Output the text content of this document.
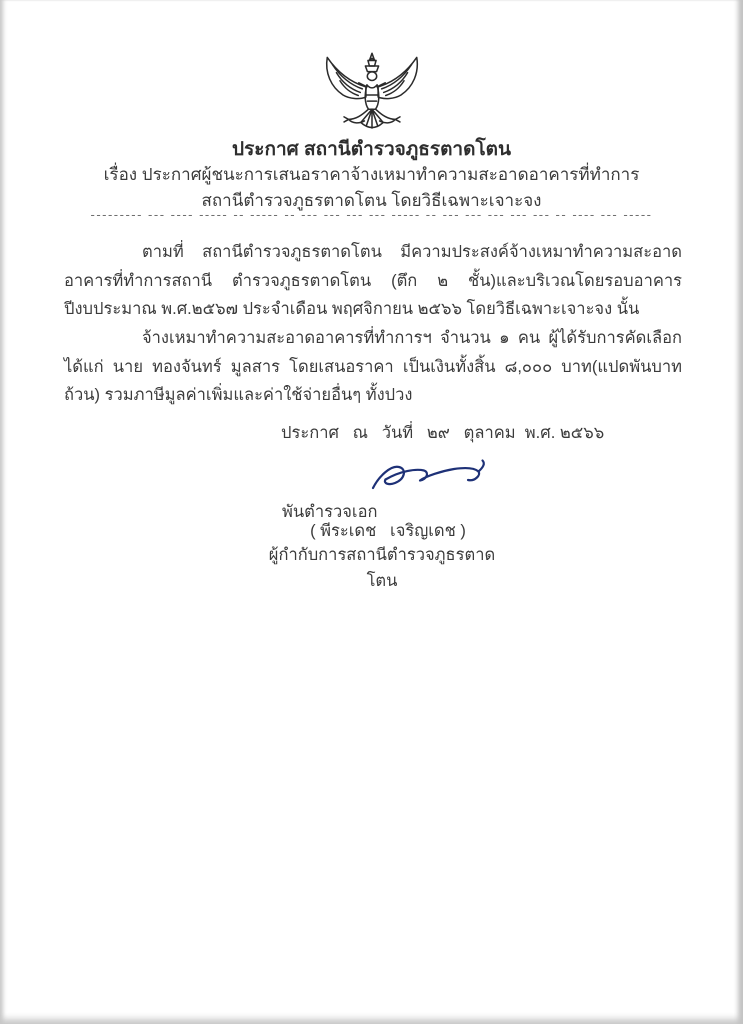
ประกาศ สถานีตำรวจภูธรตาดโตน
เรื่อง ประกาศผู้ชนะการเสนอราคาจ้างเหมาทำความสะอาดอาคารที่ทำการ
สถานีตำรวจภูธรตาดโตน โดยวิธีเฉพาะเจาะจง
--------- --- ---- ----- -- ----- -- --- --- --- --- ----- -- --- --- --- --- --- -- ---- --- -----
ตามที่ สถานีตำรวจภูธรตาดโตน มีความประสงค์จ้างเหมาทำความสะอาดอาคารที่ทำการสถานี ตำรวจภูธรตาดโตน (ตึก ๒ ชั้น)และบริเวณโดยรอบอาคาร ปีงบประมาณ พ.ศ.๒๕๖๗ ประจำเดือน พฤศจิกายน ๒๕๖๖ โดยวิธีเฉพาะเจาะจง นั้น
จ้างเหมาทำความสะอาดอาคารที่ทำการฯ จำนวน ๑ คน ผู้ได้รับการคัดเลือก ได้แก่ นาย ทองจันทร์ มูลสาร โดยเสนอราคา เป็นเงินทั้งสิ้น ๘,๐๐๐ บาท(แปดพันบาทถ้วน) รวมภาษีมูลค่าเพิ่มและค่าใช้จ่ายอื่นๆ ทั้งปวง
ประกาศ   ณ   วันที่   ๒๙   ตุลาคม  พ.ศ. ๒๕๖๖
พันตำรวจเอก
( พีระเดช   เจริญเดช )
ผู้กำกับการสถานีตำรวจภูธรตาดโตน
